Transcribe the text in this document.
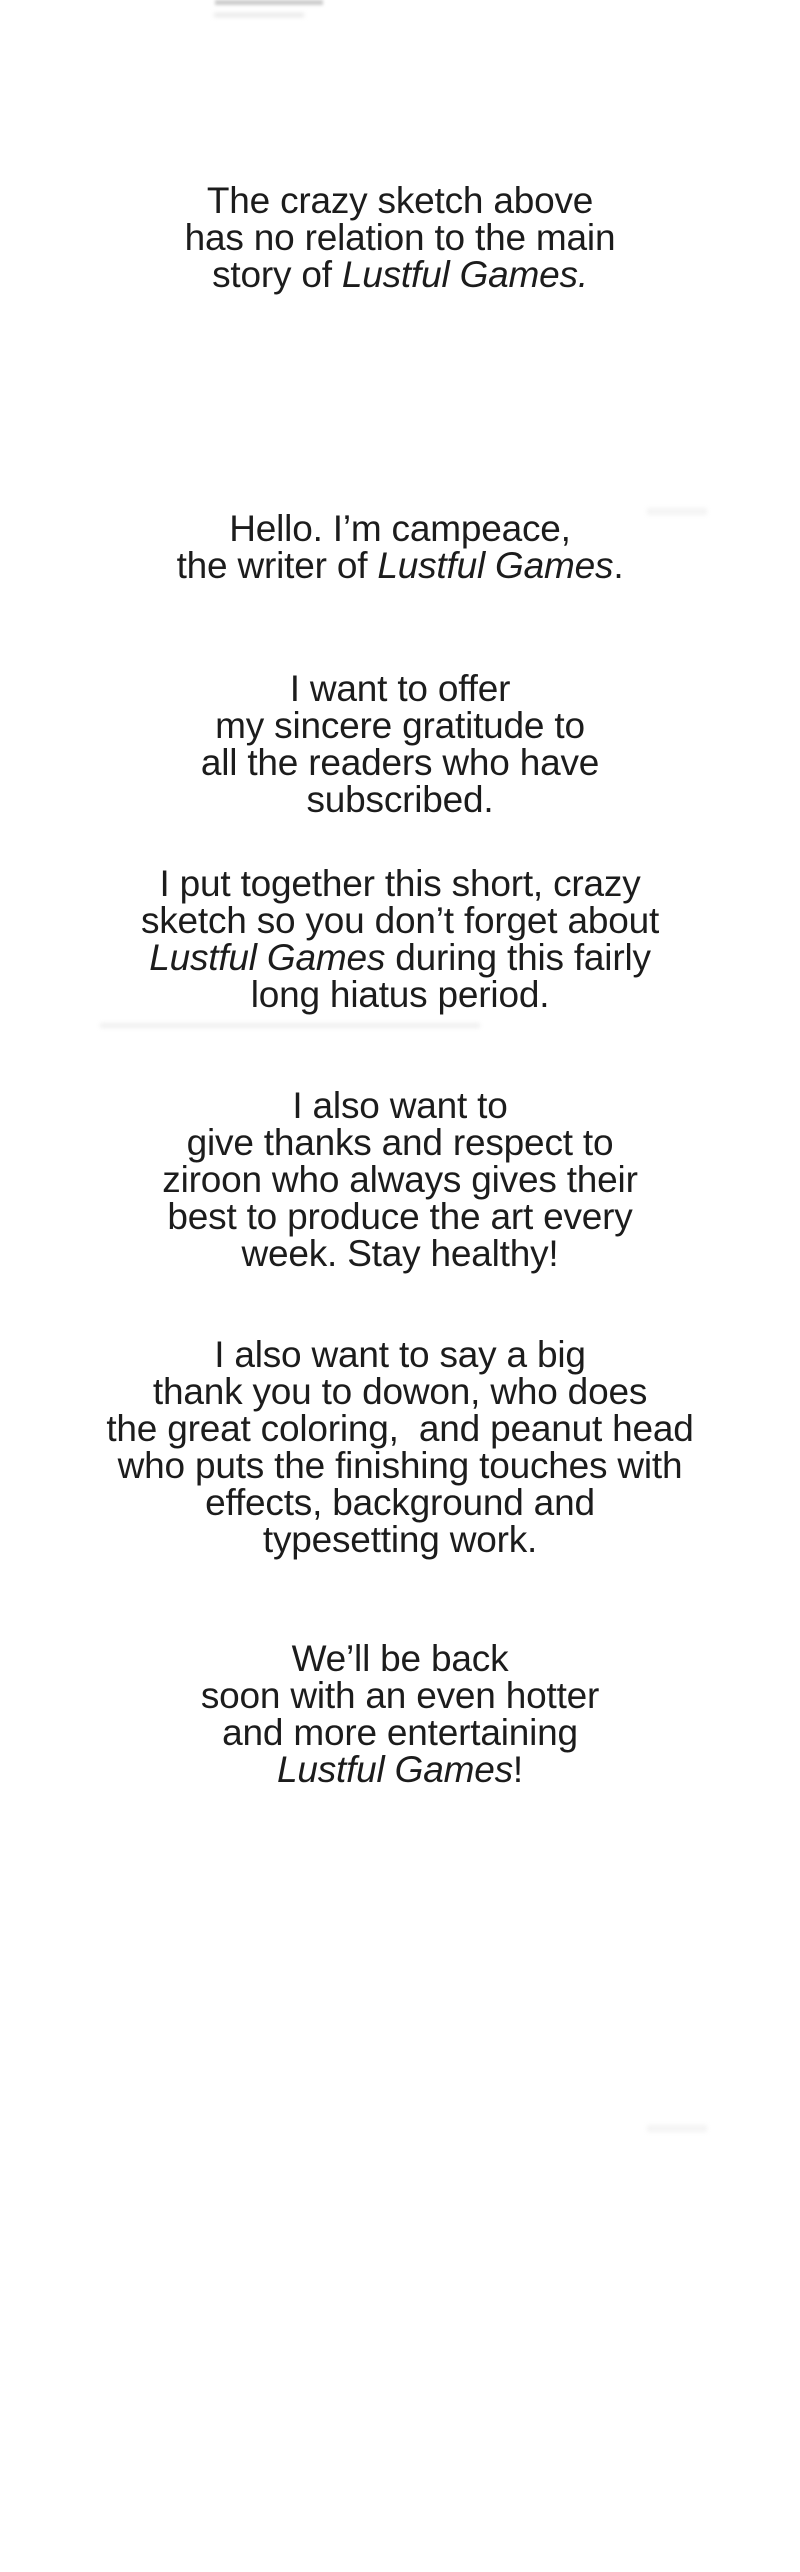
The crazy sketch above
has no relation to the main
story of Lustful Games.
Hello. I’m campeace,
the writer of Lustful Games.
I want to offer
my sincere gratitude to
all the readers who have
subscribed.
I put together this short, crazy
sketch so you don’t forget about
Lustful Games during this fairly
long hiatus period.
I also want to
give thanks and respect to
ziroon who always gives their
best to produce the art every
week. Stay healthy!
I also want to say a big
thank you to dowon, who does
the great coloring,  and peanut head
who puts the finishing touches with
effects, background and
typesetting work.
We’ll be back
soon with an even hotter
and more entertaining
Lustful Games!
